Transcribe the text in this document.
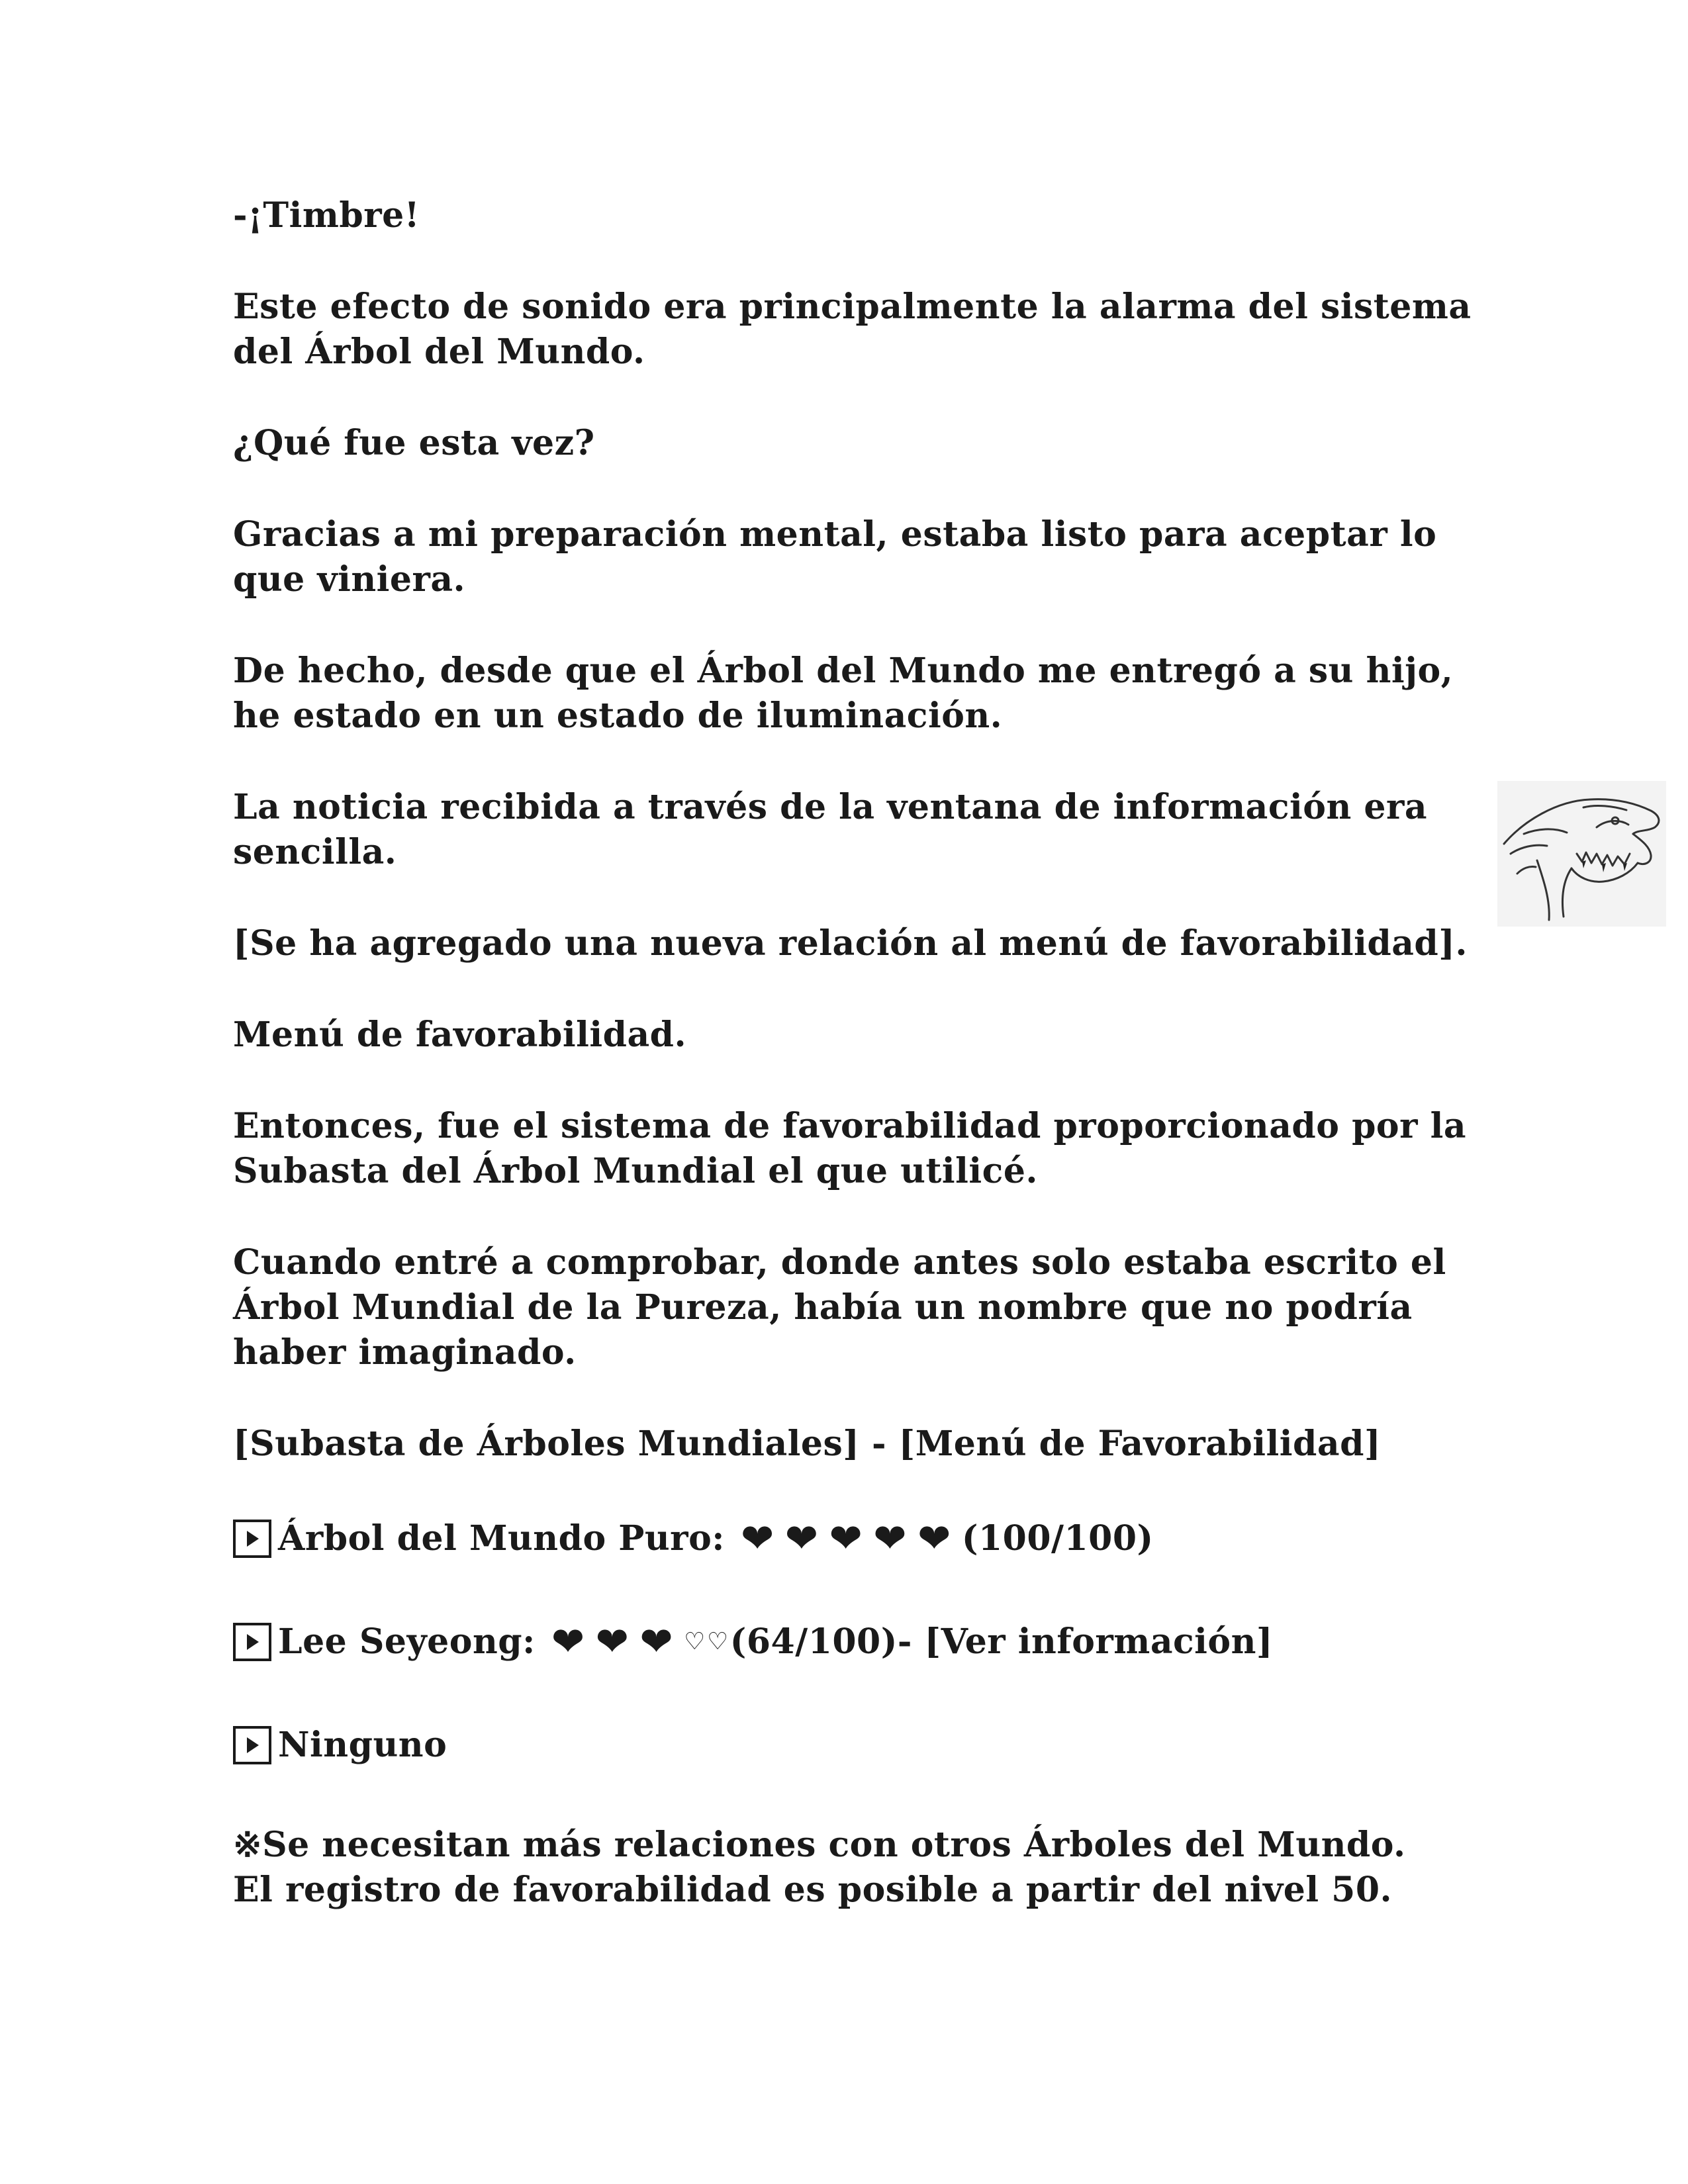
-¡Timbre!

Este efecto de sonido era principalmente la alarma del sistema del Árbol del Mundo.

¿Qué fue esta vez?

Gracias a mi preparación mental, estaba listo para aceptar lo que viniera.

De hecho, desde que el Árbol del Mundo me entregó a su hijo, he estado en un estado de iluminación.

La noticia recibida a través de la ventana de información era sencilla.

[Se ha agregado una nueva relación al menú de favorabilidad].

Menú de favorabilidad.

Entonces, fue el sistema de favorabilidad proporcionado por la Subasta del Árbol Mundial el que utilicé.

Cuando entré a comprobar, donde antes solo estaba escrito el Árbol Mundial de la Pureza, había un nombre que no podría haber imaginado.

[Subasta de Árboles Mundiales] - [Menú de Favorabilidad]

Árbol del Mundo Puro: ❤ ❤ ❤ ❤ ❤ (100/100)
Lee Seyeong: ❤ ❤ ❤ ♡ ♡ (64/100) - [Ver información]
Ninguno

※Se necesitan más relaciones con otros Árboles del Mundo.
El registro de favorabilidad es posible a partir del nivel 50.
